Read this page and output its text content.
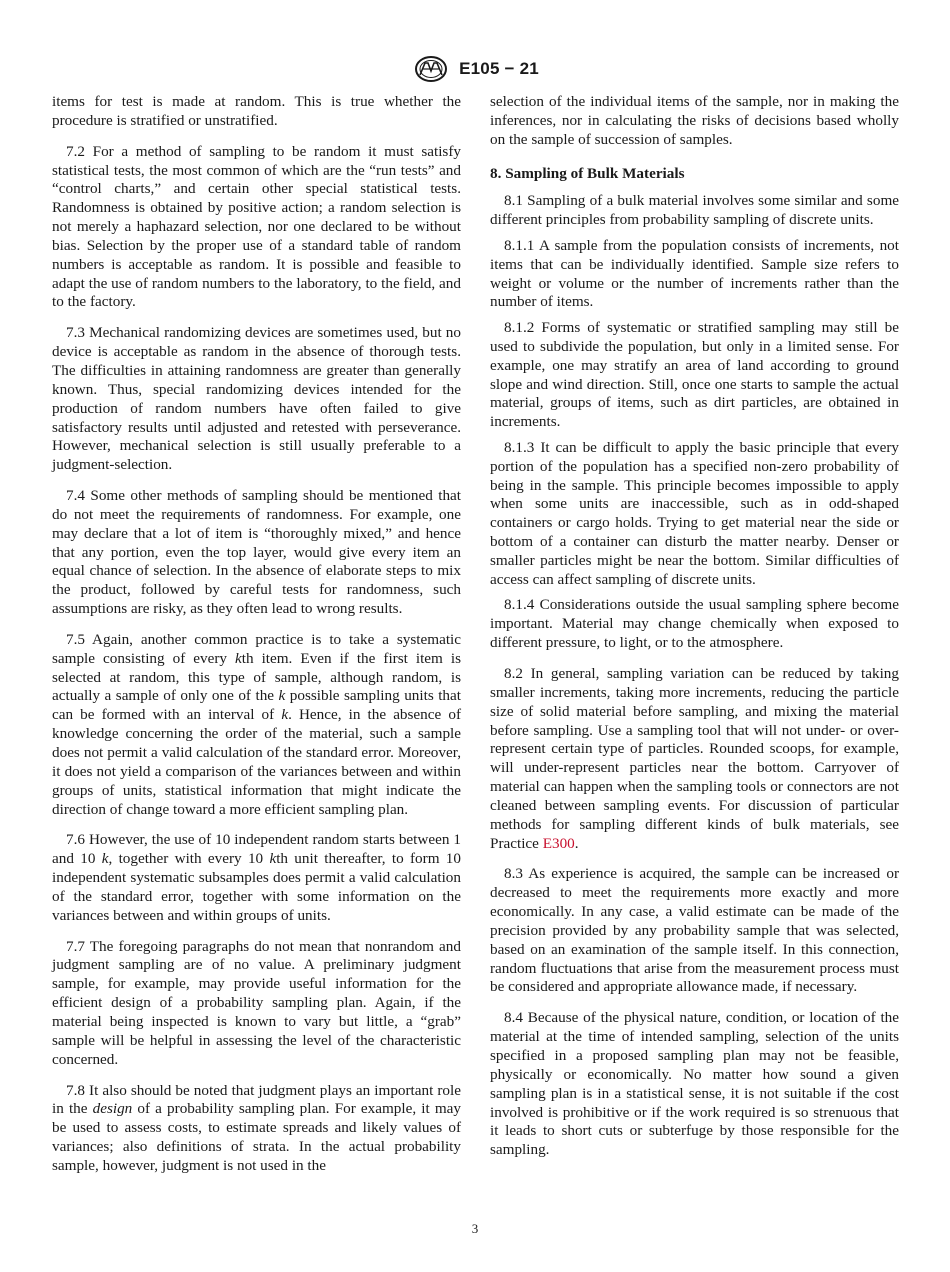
E105 − 21

items for test is made at random. This is true whether the procedure is stratified or unstratified.

7.2 For a method of sampling to be random it must satisfy statistical tests, the most common of which are the “run tests” and “control charts,” and certain other special statistical tests. Randomness is obtained by positive action; a random selection is not merely a haphazard selection, nor one declared to be without bias. Selection by the proper use of a standard table of random numbers is acceptable as random. It is possible and feasible to adapt the use of random numbers to the laboratory, to the field, and to the factory.

7.3 Mechanical randomizing devices are sometimes used, but no device is acceptable as random in the absence of thorough tests. The difficulties in attaining randomness are greater than generally known. Thus, special randomizing devices intended for the production of random numbers have often failed to give satisfactory results until adjusted and retested with perseverance. However, mechanical selection is still usually preferable to a judgment-selection.

7.4 Some other methods of sampling should be mentioned that do not meet the requirements of randomness. For example, one may declare that a lot of item is “thoroughly mixed,” and hence that any portion, even the top layer, would give every item an equal chance of selection. In the absence of elaborate steps to mix the product, followed by careful tests for randomness, such assumptions are risky, as they often lead to wrong results.

7.5 Again, another common practice is to take a systematic sample consisting of every kth item. Even if the first item is selected at random, this type of sample, although random, is actually a sample of only one of the k possible sampling units that can be formed with an interval of k. Hence, in the absence of knowledge concerning the order of the material, such a sample does not permit a valid calculation of the standard error. Moreover, it does not yield a comparison of the variances between and within groups of units, statistical information that might indicate the direction of change toward a more efficient sampling plan.

7.6 However, the use of 10 independent random starts between 1 and 10 k, together with every 10 kth unit thereafter, to form 10 independent systematic subsamples does permit a valid calculation of the standard error, together with some information on the variances between and within groups of units.

7.7 The foregoing paragraphs do not mean that nonrandom and judgment sampling are of no value. A preliminary judgment sample, for example, may provide useful information for the efficient design of a probability sampling plan. Again, if the material being inspected is known to vary but little, a “grab” sample will be helpful in assessing the level of the characteristic concerned.

7.8 It also should be noted that judgment plays an important role in the design of a probability sampling plan. For example, it may be used to assess costs, to estimate spreads and likely values of variances; also definitions of strata. In the actual probability sample, however, judgment is not used in the

selection of the individual items of the sample, nor in making the inferences, nor in calculating the risks of decisions based wholly on the sample of succession of samples.

8. Sampling of Bulk Materials

8.1 Sampling of a bulk material involves some similar and some different principles from probability sampling of discrete units.

8.1.1 A sample from the population consists of increments, not items that can be individually identified. Sample size refers to weight or volume or the number of increments rather than the number of items.

8.1.2 Forms of systematic or stratified sampling may still be used to subdivide the population, but only in a limited sense. For example, one may stratify an area of land according to ground slope and wind direction. Still, once one starts to sample the actual material, groups of items, such as dirt particles, are obtained in increments.

8.1.3 It can be difficult to apply the basic principle that every portion of the population has a specified non-zero probability of being in the sample. This principle becomes impossible to apply when some units are inaccessible, such as in odd-shaped containers or cargo holds. Trying to get material near the side or bottom of a container can disturb the matter nearby. Denser or smaller particles might be near the bottom. Similar difficulties of access can affect sampling of discrete units.

8.1.4 Considerations outside the usual sampling sphere become important. Material may change chemically when exposed to different pressure, to light, or to the atmosphere.

8.2 In general, sampling variation can be reduced by taking smaller increments, taking more increments, reducing the particle size of solid material before sampling, and mixing the material before sampling. Use a sampling tool that will not under- or over-represent certain type of particles. Rounded scoops, for example, will under-represent particles near the bottom. Carryover of material can happen when the sampling tools or connectors are not cleaned between sampling events. For discussion of particular methods for sampling different kinds of bulk materials, see Practice E300.

8.3 As experience is acquired, the sample can be increased or decreased to meet the requirements more exactly and more economically. In any case, a valid estimate can be made of the precision provided by any probability sample that was selected, based on an examination of the sample itself. In this connection, random fluctuations that arise from the measurement process must be considered and appropriate allowance made, if necessary.

8.4 Because of the physical nature, condition, or location of the material at the time of intended sampling, selection of the units specified in a proposed sampling plan may not be feasible, physically or economically. No matter how sound a given sampling plan is in a statistical sense, it is not suitable if the cost involved is prohibitive or if the work required is so strenuous that it leads to short cuts or subterfuge by those responsible for the sampling.

3
